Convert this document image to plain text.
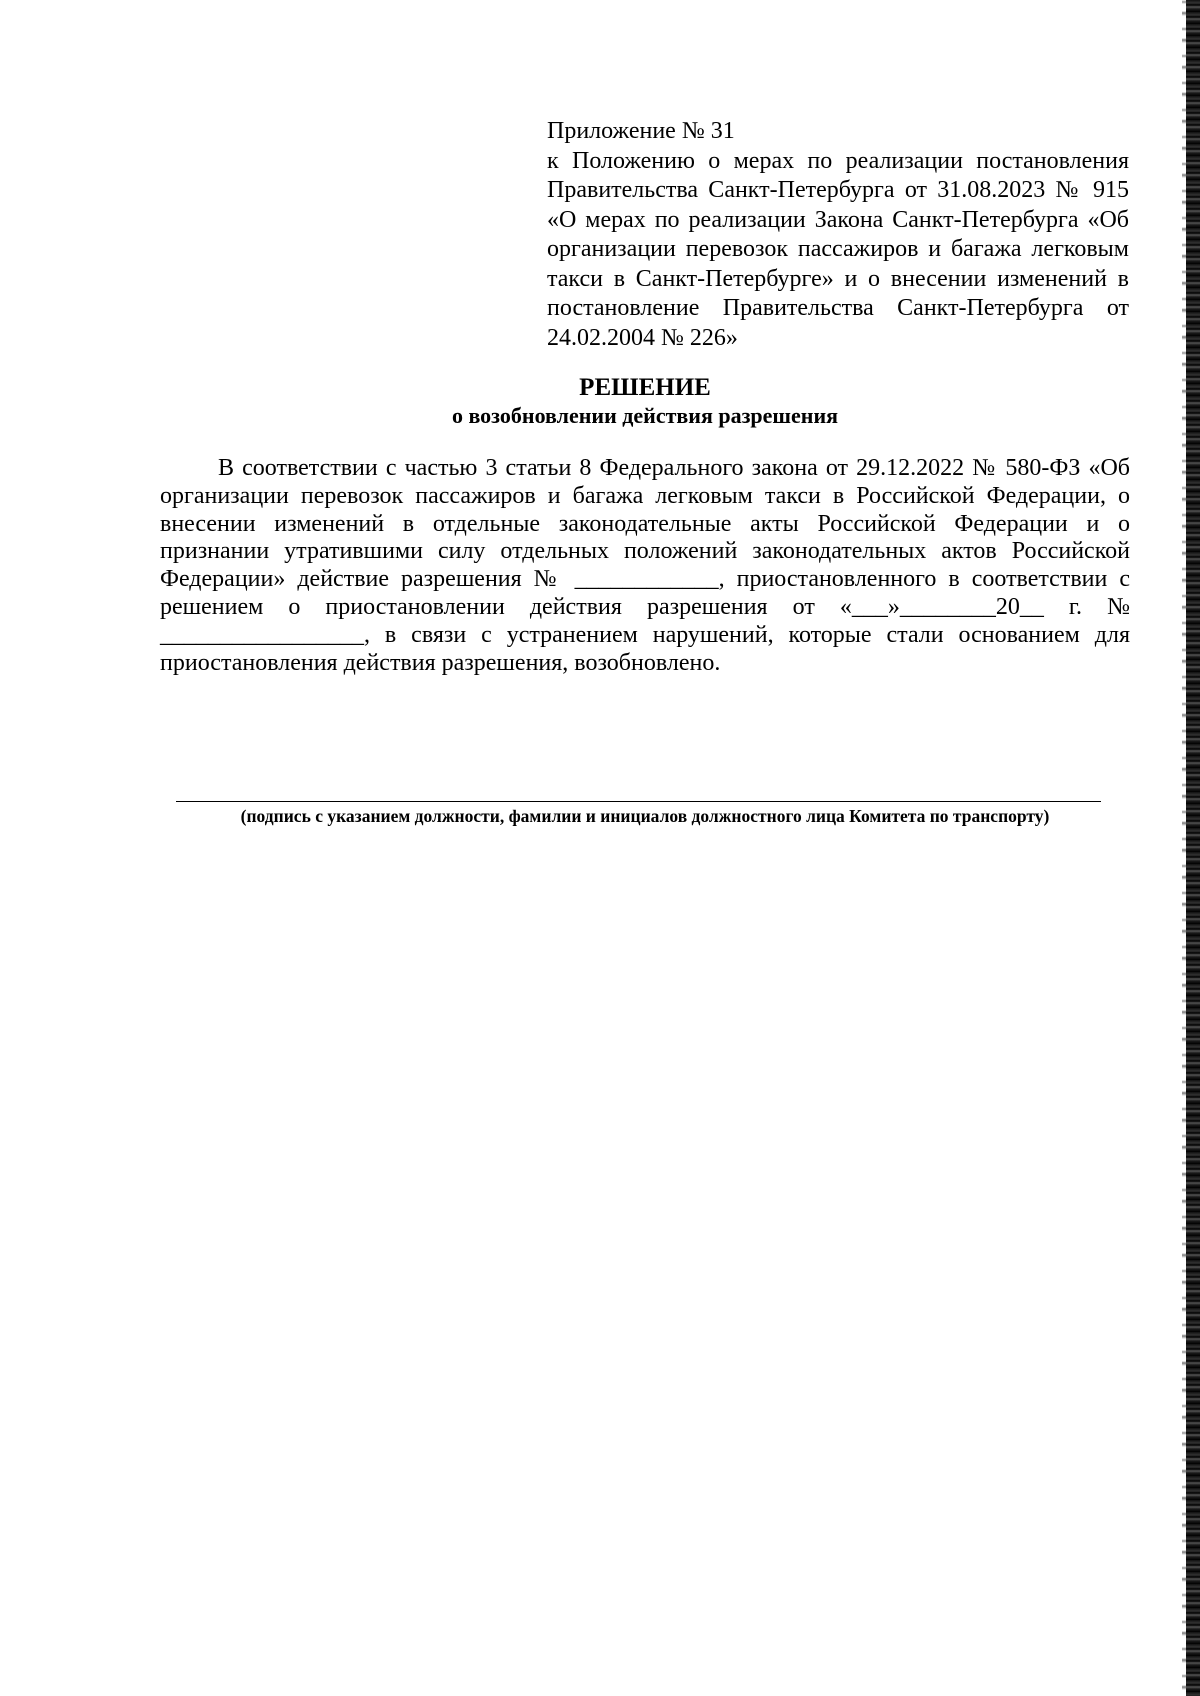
Приложение № 31
к Положению о мерах по реализации постановления Правительства Санкт-Петербурга от 31.08.2023 № 915 «О мерах по реализации Закона Санкт-Петербурга «Об организации перевозок пассажиров и багажа легковым такси в Санкт-Петербурге» и о внесении изменений в постановление Правительства Санкт-Петербурга от 24.02.2004 № 226»
РЕШЕНИЕ
о возобновлении действия разрешения

В соответствии с частью 3 статьи 8 Федерального закона от 29.12.2022 № 580-ФЗ «Об организации перевозок пассажиров и багажа легковым такси в Российской Федерации, о внесении изменений в отдельные законодательные акты Российской Федерации и о признании утратившими силу отдельных положений законодательных актов Российской Федерации» действие разрешения № ____________, приостановленного в соответствии с решением о приостановлении действия разрешения от «___»________20__ г. № _________________, в связи с устранением нарушений, которые стали основанием для приостановления действия разрешения, возобновлено.

(подпись с указанием должности, фамилии и инициалов должностного лица Комитета по транспорту)
